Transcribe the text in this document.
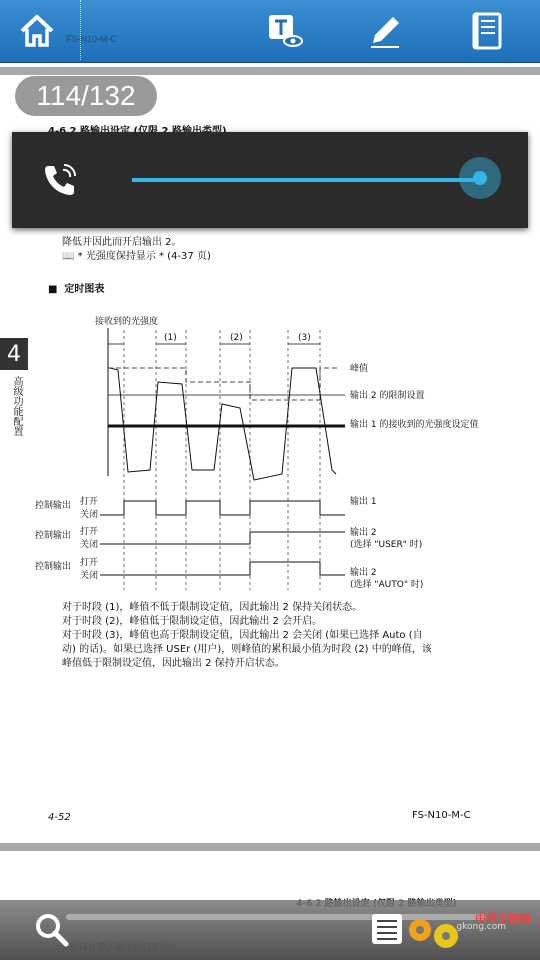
FS-N10-M-C
114/132
降低并因此而开启输出 2。
📖 * 光强度保持显示 * (4-37 页)
■ 定时图表
4
高级功能配置
接收到的光强度
(1)	(2)	(3)
峰值
输出 2 的限制设置
输出 1 的接收到的光强度设定值
控制输出 打开
关闭
输出 1
控制输出 打开
关闭
输出 2
(选择 "USER" 时)
控制输出 打开
关闭	输出 2
(选择 "AUTO" 时)
对于时段 (1)，峰值不低于限制设定值，因此输出 2 保持关闭状态。
对于时段 (2)，峰值低于限制设定值，因此输出 2 会开启。
对于时段 (3)，峰值也高于限制设定值，因此输出 2 会关闭 (如果已选择 Auto (自
动) 的话)。如果已选择 USEr (用户)，则峰值的累积最小值为时段 (2) 中的峰值，该
峰值低于限制设定值，因此输出 2 保持开启状态。
4-52	FS-N10-M-C
中华工控网
gkong.com
